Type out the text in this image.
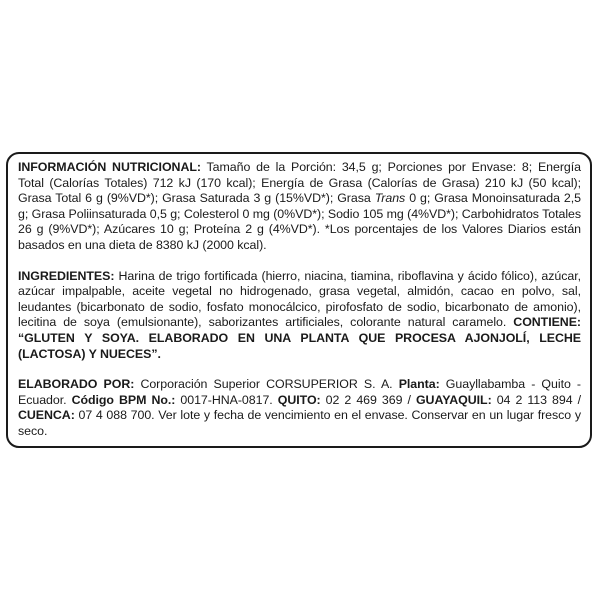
INFORMACIÓN NUTRICIONAL: Tamaño de la Porción: 34,5 g; Porciones por Envase: 8; Energía Total (Calorías Totales) 712 kJ (170 kcal); Energía de Grasa (Calorías de Grasa) 210 kJ (50 kcal); Grasa Total 6 g (9%VD*); Grasa Saturada 3 g (15%VD*); Grasa Trans 0 g; Grasa Monoinsaturada 2,5 g; Grasa Poliinsaturada 0,5 g; Colesterol 0 mg (0%VD*); Sodio 105 mg (4%VD*); Carbohidratos Totales 26 g (9%VD*); Azúcares 10 g; Proteína 2 g (4%VD*). *Los porcentajes de los Valores Diarios están basados en una dieta de 8380 kJ (2000 kcal).

INGREDIENTES: Harina de trigo fortificada (hierro, niacina, tiamina, riboflavina y ácido fólico), azúcar, azúcar impalpable, aceite vegetal no hidrogenado, grasa vegetal, almidón, cacao en polvo, sal, leudantes (bicarbonato de sodio, fosfato monocálcico, pirofosfato de sodio, bicarbonato de amonio), lecitina de soya (emulsionante), saborizantes artificiales, colorante natural caramelo. CONTIENE: “GLUTEN Y SOYA. ELABORADO EN UNA PLANTA QUE PROCESA AJONJOLÍ, LECHE (LACTOSA) Y NUECES”.

ELABORADO POR: Corporación Superior CORSUPERIOR S. A. Planta: Guayllabamba - Quito - Ecuador. Código BPM No.: 0017-HNA-0817. QUITO: 02 2 469 369 / GUAYAQUIL: 04 2 113 894 / CUENCA: 07 4 088 700. Ver lote y fecha de vencimiento en el envase. Conservar en un lugar fresco y seco.
